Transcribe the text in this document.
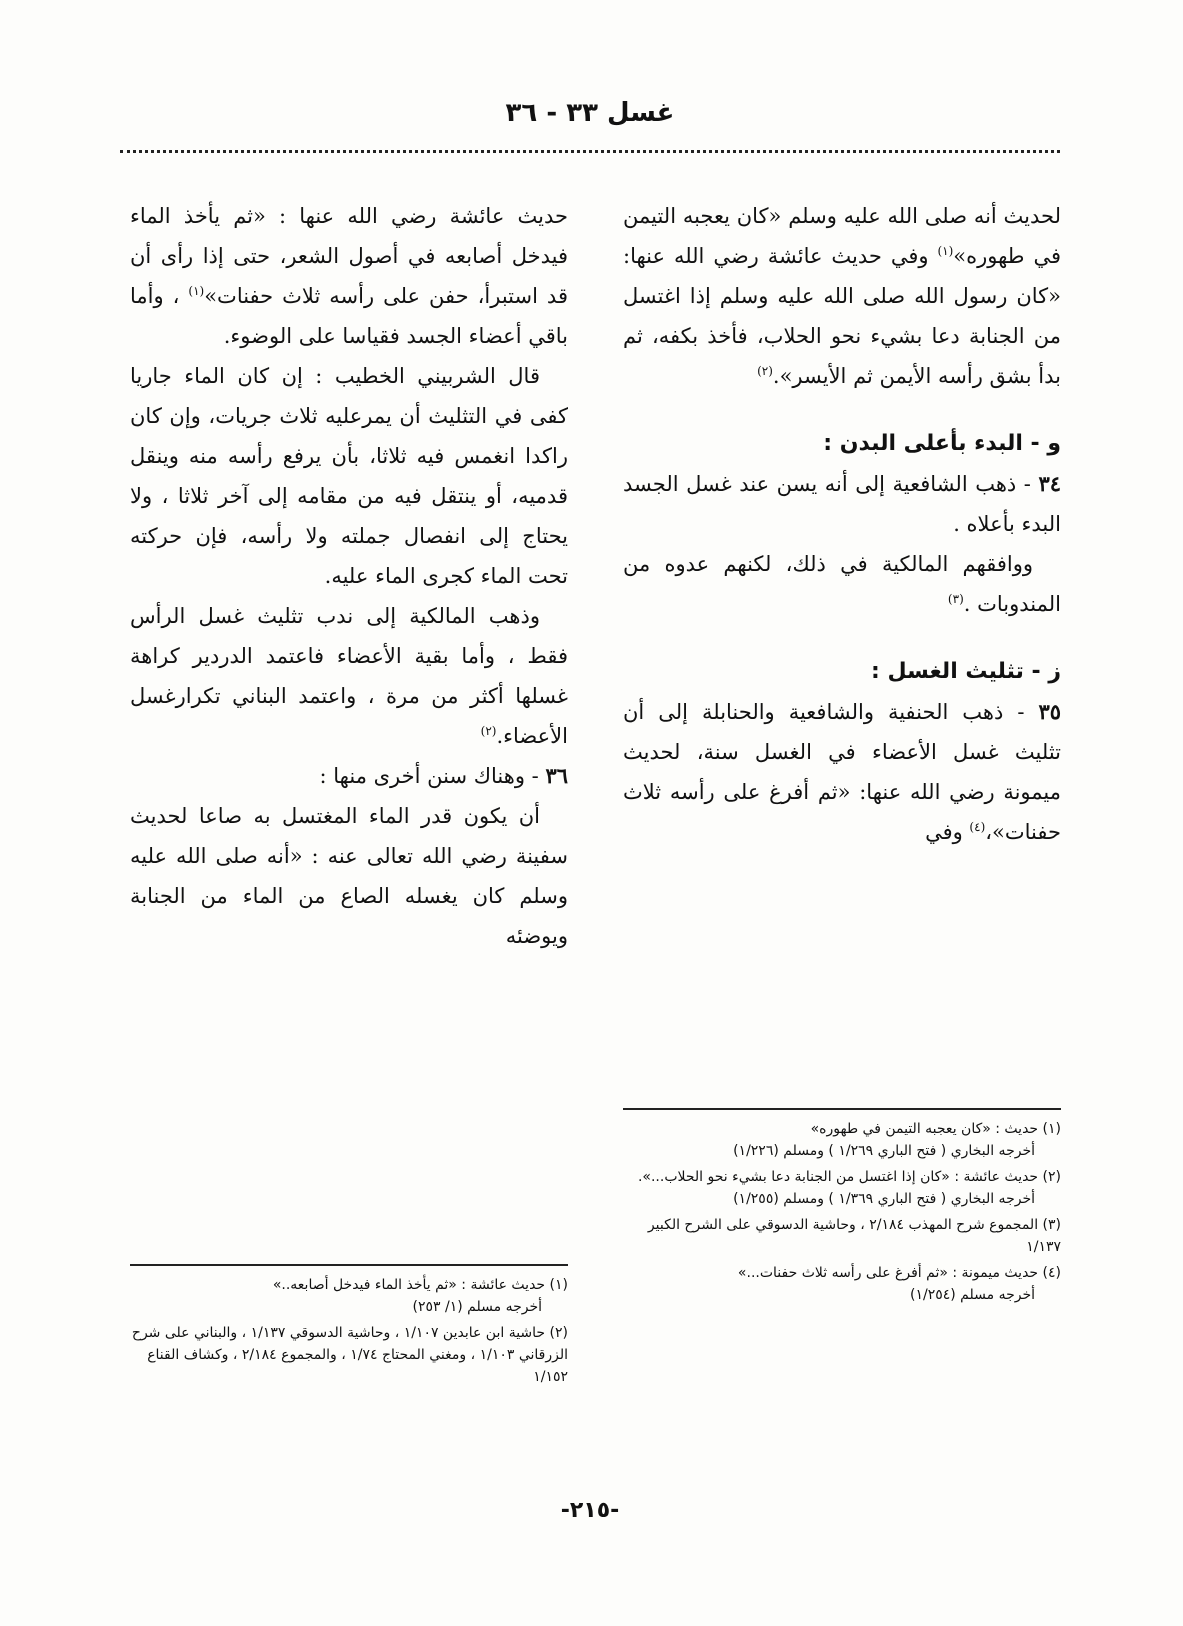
غسل ٣٣ - ٣٦

لحديث أنه صلى الله عليه وسلم «كان يعجبه التيمن في طهوره»$^{(١)}$ وفي حديث عائشة رضي الله عنها: «كان رسول الله صلى الله عليه وسلم إذا اغتسل من الجنابة دعا بشيء نحو الحلاب، فأخذ بكفه، ثم بدأ بشق رأسه الأيمن ثم الأيسر».$^{(٢)}$

و - البدء بأعلى البدن :

٣٤ - ذهب الشافعية إلى أنه يسن عند غسل الجسد البدء بأعلاه .

ووافقهم المالكية في ذلك، لكنهم عدوه من المندوبات .$^{(٣)}$

ز - تثليث الغسل :

٣٥ - ذهب الحنفية والشافعية والحنابلة إلى أن تثليث غسل الأعضاء في الغسل سنة، لحديث ميمونة رضي الله عنها: «ثم أفرغ على رأسه ثلاث حفنات»،$^{(٤)}$ وفي

(١) حديث : «كان يعجبه التيمن في طهوره»
أخرجه البخاري ( فتح الباري ١/٢٦٩ ) ومسلم (١/٢٢٦)
(٢) حديث عائشة : «كان إذا اغتسل من الجنابة دعا بشيء نحو الحلاب...».
أخرجه البخاري ( فتح الباري ١/٣٦٩ ) ومسلم (١/٢٥٥)
(٣) المجموع شرح المهذب ٢/١٨٤ ، وحاشية الدسوقي على الشرح الكبير ١/١٣٧
(٤) حديث ميمونة : «ثم أفرغ على رأسه ثلاث حفنات...»
أخرجه مسلم (١/٢٥٤)

حديث عائشة رضي الله عنها : «ثم يأخذ الماء فيدخل أصابعه في أصول الشعر، حتى إذا رأى أن قد استبرأ، حفن على رأسه ثلاث حفنات»$^{(١)}$ ، وأما باقي أعضاء الجسد فقياسا على الوضوء.

قال الشربيني الخطيب : إن كان الماء جاريا كفى في التثليث أن يمرعليه ثلاث جريات، وإن كان راكدا انغمس فيه ثلاثا، بأن يرفع رأسه منه وينقل قدميه، أو ينتقل فيه من مقامه إلى آخر ثلاثا ، ولا يحتاج إلى انفصال جملته ولا رأسه، فإن حركته تحت الماء كجرى الماء عليه.

وذهب المالكية إلى ندب تثليث غسل الرأس فقط ، وأما بقية الأعضاء فاعتمد الدردير كراهة غسلها أكثر من مرة ، واعتمد البناني تكرارغسل الأعضاء.$^{(٢)}$

٣٦ - وهناك سنن أخرى منها :

أن يكون قدر الماء المغتسل به صاعا لحديث سفينة رضي الله تعالى عنه : «أنه صلى الله عليه وسلم كان يغسله الصاع من الماء من الجنابة ويوضئه

(١) حديث عائشة : «ثم يأخذ الماء فيدخل أصابعه..»
أخرجه مسلم (١/ ٢٥٣)
(٢) حاشية ابن عابدين ١/١٠٧ ، وحاشية الدسوقي ١/١٣٧ ، والبناني على شرح الزرقاني ١/١٠٣ ، ومغني المحتاج ١/٧٤ ، والمجموع ٢/١٨٤ ، وكشاف القناع ١/١٥٢
-٢١٥-
